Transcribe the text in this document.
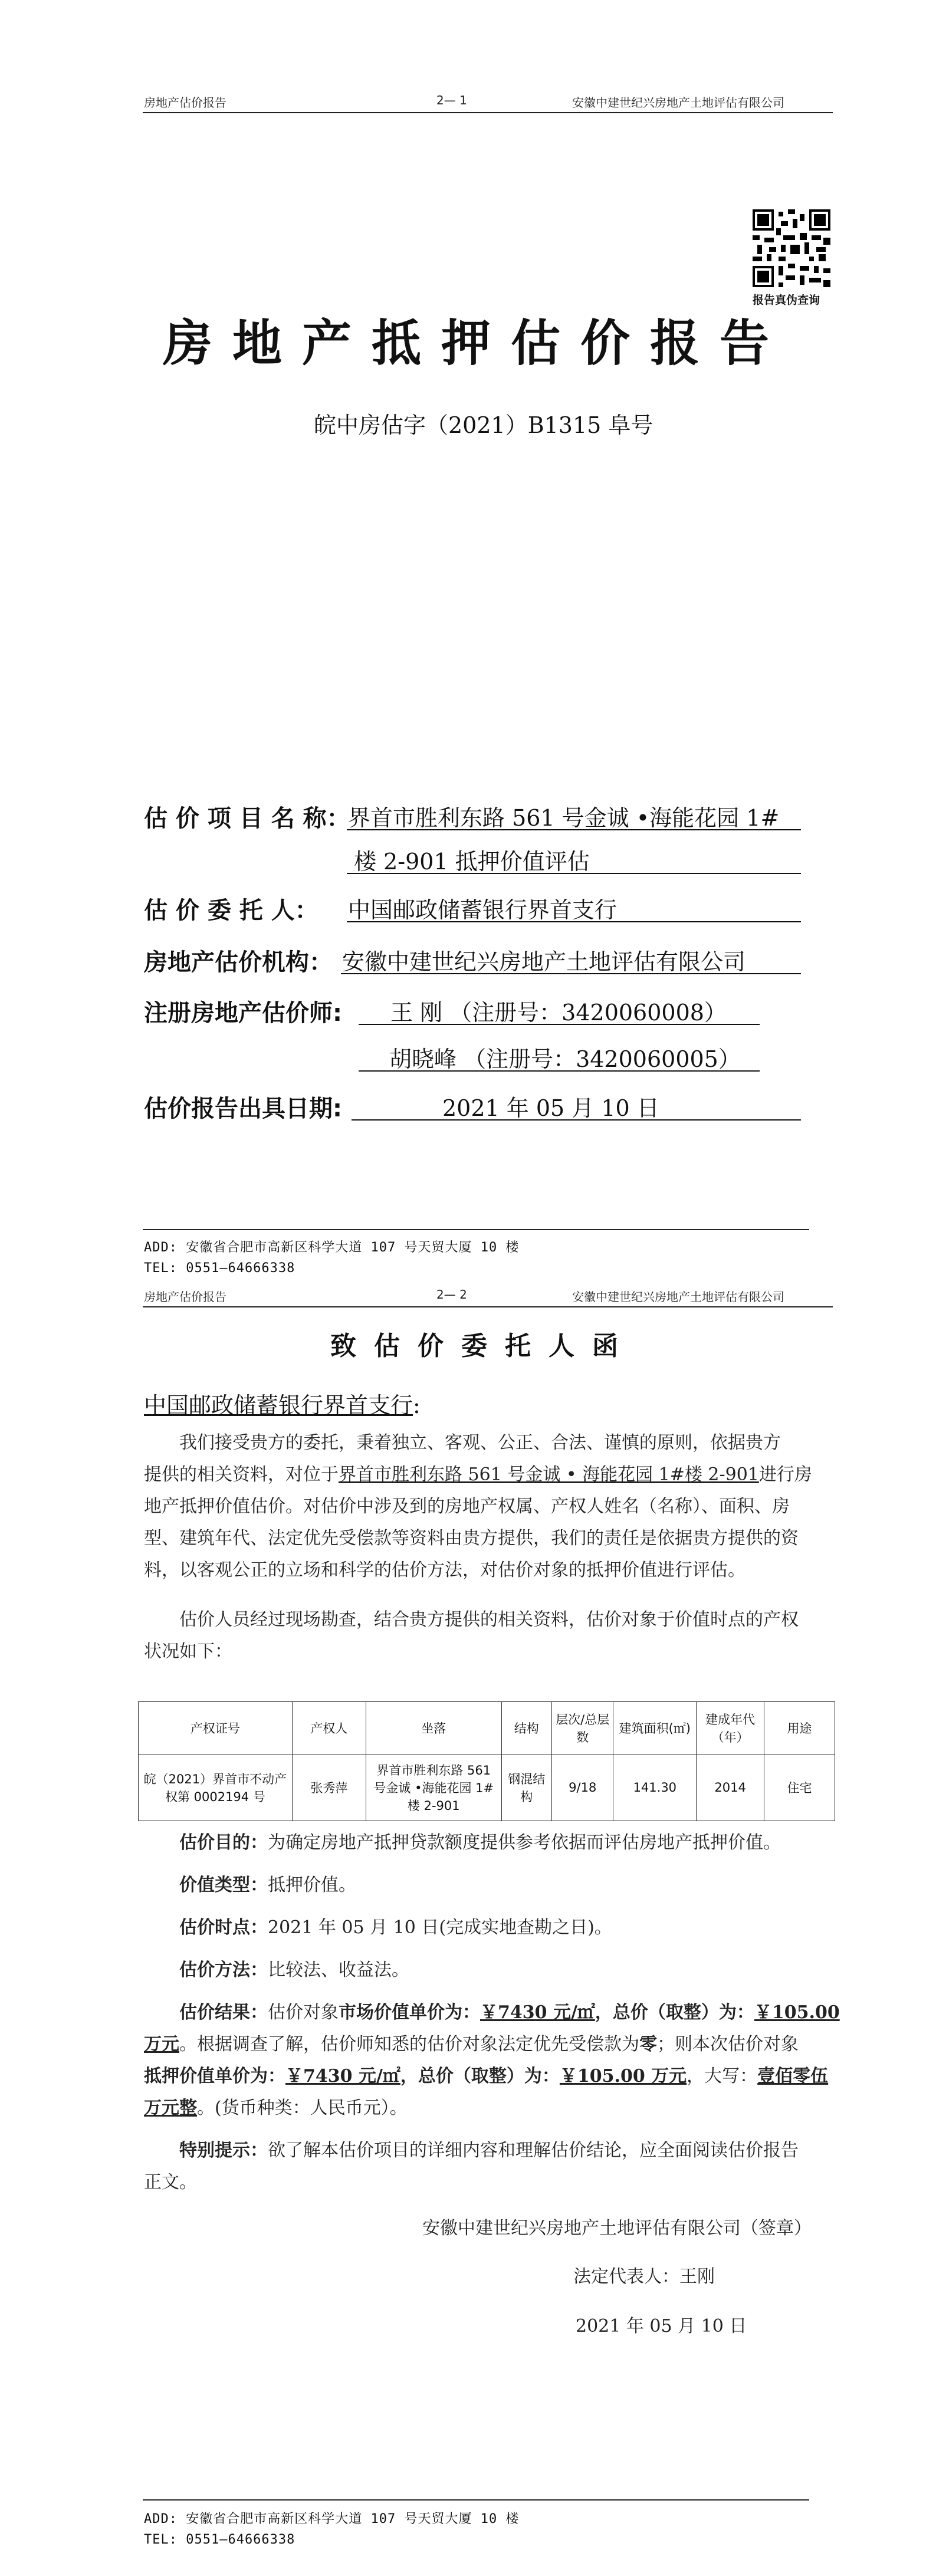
房地产估价报告	2— 1	安徽中建世纪兴房地产土地评估有限公司
报告真伪查询
房地产抵押估价报告
皖中房估字（2021）B1315 阜号
估 价 项 目 名 称：
界首市胜利东路 561 号金诚 •海能花园 1#
楼 2-901 抵押价值评估
估 价 委 托 人： 中国邮政储蓄银行界首支行
房地产估价机构： 安徽中建世纪兴房地产土地评估有限公司
注册房地产估价师: 王 刚 （注册号：3420060008）
胡晓峰 （注册号：3420060005）
估价报告出具日期:	2021 年 05 月 10 日
ADD: 安徽省合肥市高新区科学大道 107 号天贸大厦 10 楼
TEL: 0551—64666338
房地产估价报告	2— 2	安徽中建世纪兴房地产土地评估有限公司
致估价委托人函
中国邮政储蓄银行界首支行:
我们接受贵方的委托，秉着独立、客观、公正、合法、谨慎的原则，依据贵方
提供的相关资料，对位于界首市胜利东路 561 号金诚 • 海能花园 1#楼 2-901进行房
地产抵押价值估价。对估价中涉及到的房地产权属、产权人姓名（名称）、面积、房
型、建筑年代、法定优先受偿款等资料由贵方提供，我们的责任是依据贵方提供的资
料，以客观公正的立场和科学的估价方法，对估价对象的抵押价值进行评估。
估价人员经过现场勘查，结合贵方提供的相关资料，估价对象于价值时点的产权
状况如下：
产权证号	产权人	坐落	结构	层次/总层数	建筑面积(㎡)	建成年代（年）	用途
皖（2021）界首市不动产权第 0002194 号	张秀萍	界首市胜利东路 561 号金诚 •海能花园 1#楼 2-901	钢混结构	9/18	141.30	2014	住宅
估价目的：为确定房地产抵押贷款额度提供参考依据而评估房地产抵押价值。
价值类型：抵押价值。
估价时点：2021 年 05 月 10 日(完成实地查勘之日)。
估价方法：比较法、收益法。
估价结果：估价对象市场价值单价为：￥7430 元/㎡，总价（取整）为：￥105.00
万元。根据调查了解，估价师知悉的估价对象法定优先受偿款为零；则本次估价对象
抵押价值单价为：￥7430 元/㎡，总价（取整）为：￥105.00 万元，大写：壹佰零伍
万元整。(货币种类：人民币元）。
特别提示：欲了解本估价项目的详细内容和理解估价结论，应全面阅读估价报告
正文。
安徽中建世纪兴房地产土地评估有限公司（签章）
法定代表人：王刚
2021 年 05 月 10 日
ADD: 安徽省合肥市高新区科学大道 107 号天贸大厦 10 楼
TEL: 0551—64666338
